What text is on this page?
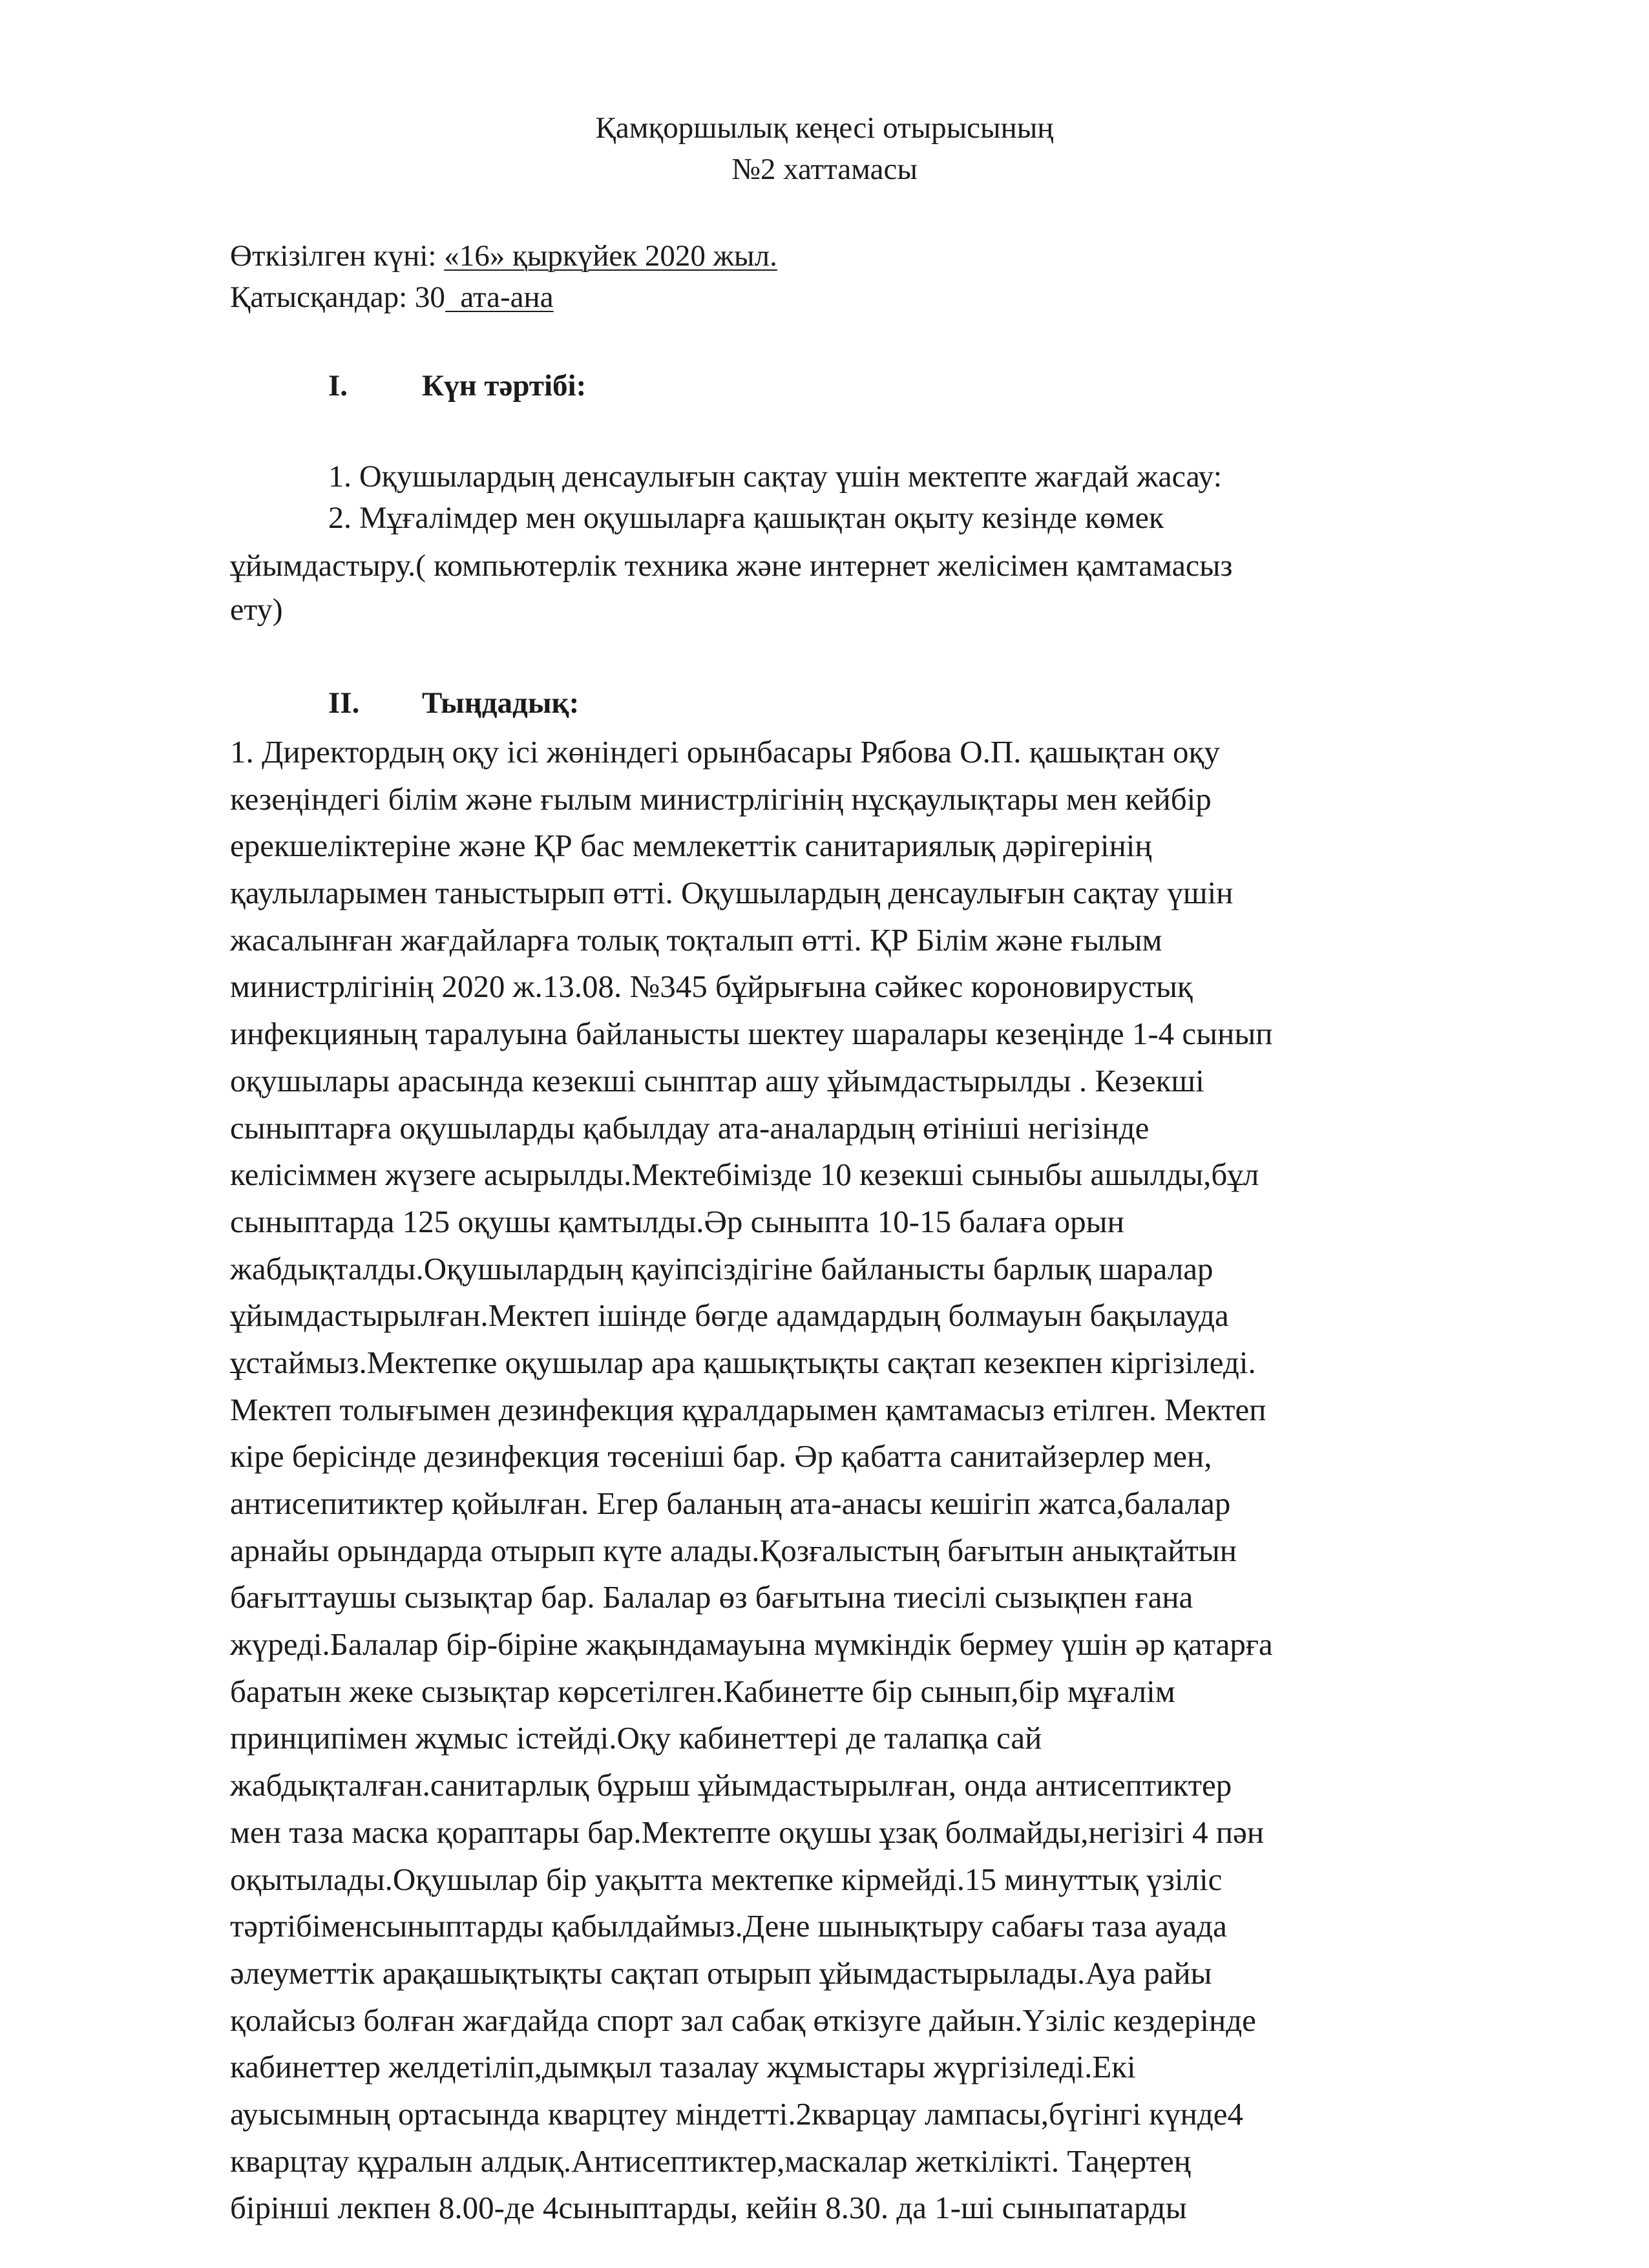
Қамқоршылық кеңесі отырысының
№2 хаттамасы
Өткізілген күні: «16» қыркүйек 2020 жыл.
Қатысқандар: 30  ата-ана
I. Күн тәртібі:
1. Оқушылардың денсаулығын сақтау үшін мектепте жағдай жасау:
2. Мұғалімдер мен оқушыларға қашықтан оқыту кезінде көмек
ұйымдастыру.( компьютерлік техника және интернет желісімен қамтамасыз
ету)
II. Тыңдадық:
1. Директордың оқу ісі жөніндегі орынбасары Рябова О.П. қашықтан оқу
кезеңіндегі білім және ғылым министрлігінің нұсқаулықтары мен кейбір
ерекшеліктеріне және ҚР бас мемлекеттік санитариялық дәрігерінің
қаулыларымен таныстырып өтті. Оқушылардың денсаулығын сақтау үшін
жасалынған жағдайларға толық тоқталып өтті. ҚР Білім және ғылым
министрлігінің 2020 ж.13.08. №345 бұйрығына сәйкес короновирустық
инфекцияның таралуына байланысты шектеу шаралары кезеңінде 1-4 сынып
оқушылары арасында кезекші сынптар ашу ұйымдастырылды . Кезекші
сыныптарға оқушыларды қабылдау ата-аналардың өтініші негізінде
келісіммен жүзеге асырылды.Мектебімізде 10 кезекші сыныбы ашылды,бұл
сыныптарда 125 оқушы қамтылды.Әр сыныпта 10-15 балаға орын
жабдықталды.Оқушылардың қауіпсіздігіне байланысты барлық шаралар
ұйымдастырылған.Мектеп ішінде бөгде адамдардың болмауын бақылауда
ұстаймыз.Мектепке оқушылар ара қашықтықты сақтап кезекпен кіргізіледі.
Мектеп толығымен дезинфекция құралдарымен қамтамасыз етілген. Мектеп
кіре берісінде дезинфекция төсеніші бар. Әр қабатта санитайзерлер мен,
антисепитиктер қойылған. Егер баланың ата-анасы кешігіп жатса,балалар
арнайы орындарда отырып күте алады.Қозғалыстың бағытын анықтайтын
бағыттаушы сызықтар бар. Балалар өз бағытына тиесілі сызықпен ғана
жүреді.Балалар бір-біріне жақындамауына мүмкіндік бермеу үшін әр қатарға
баратын жеке сызықтар көрсетілген.Кабинетте бір сынып,бір мұғалім
принципімен жұмыс істейді.Оқу кабинеттері де талапқа сай
жабдықталған.санитарлық бұрыш ұйымдастырылған, онда антисептиктер
мен таза маска қораптары бар.Мектепте оқушы ұзақ болмайды,негізігі 4 пән
оқытылады.Оқушылар бір уақытта мектепке кірмейді.15 минуттық үзіліс
тәртібіменсыныптарды қабылдаймыз.Дене шынықтыру сабағы таза ауада
әлеуметтік арақашықтықты сақтап отырып ұйымдастырылады.Ауа райы
қолайсыз болған жағдайда спорт зал сабақ өткізуге дайын.Үзіліс кездерінде
кабинеттер желдетіліп,дымқыл тазалау жұмыстары жүргізіледі.Екі
ауысымның ортасында кварцтеу міндетті.2кварцау лампасы,бүгінгі күнде4
кварцтау құралын алдық.Антисептиктер,маскалар жеткілікті. Таңертең
бірінші лекпен 8.00-де 4сыныптарды, кейін 8.30. да 1-ші сыныпатарды
